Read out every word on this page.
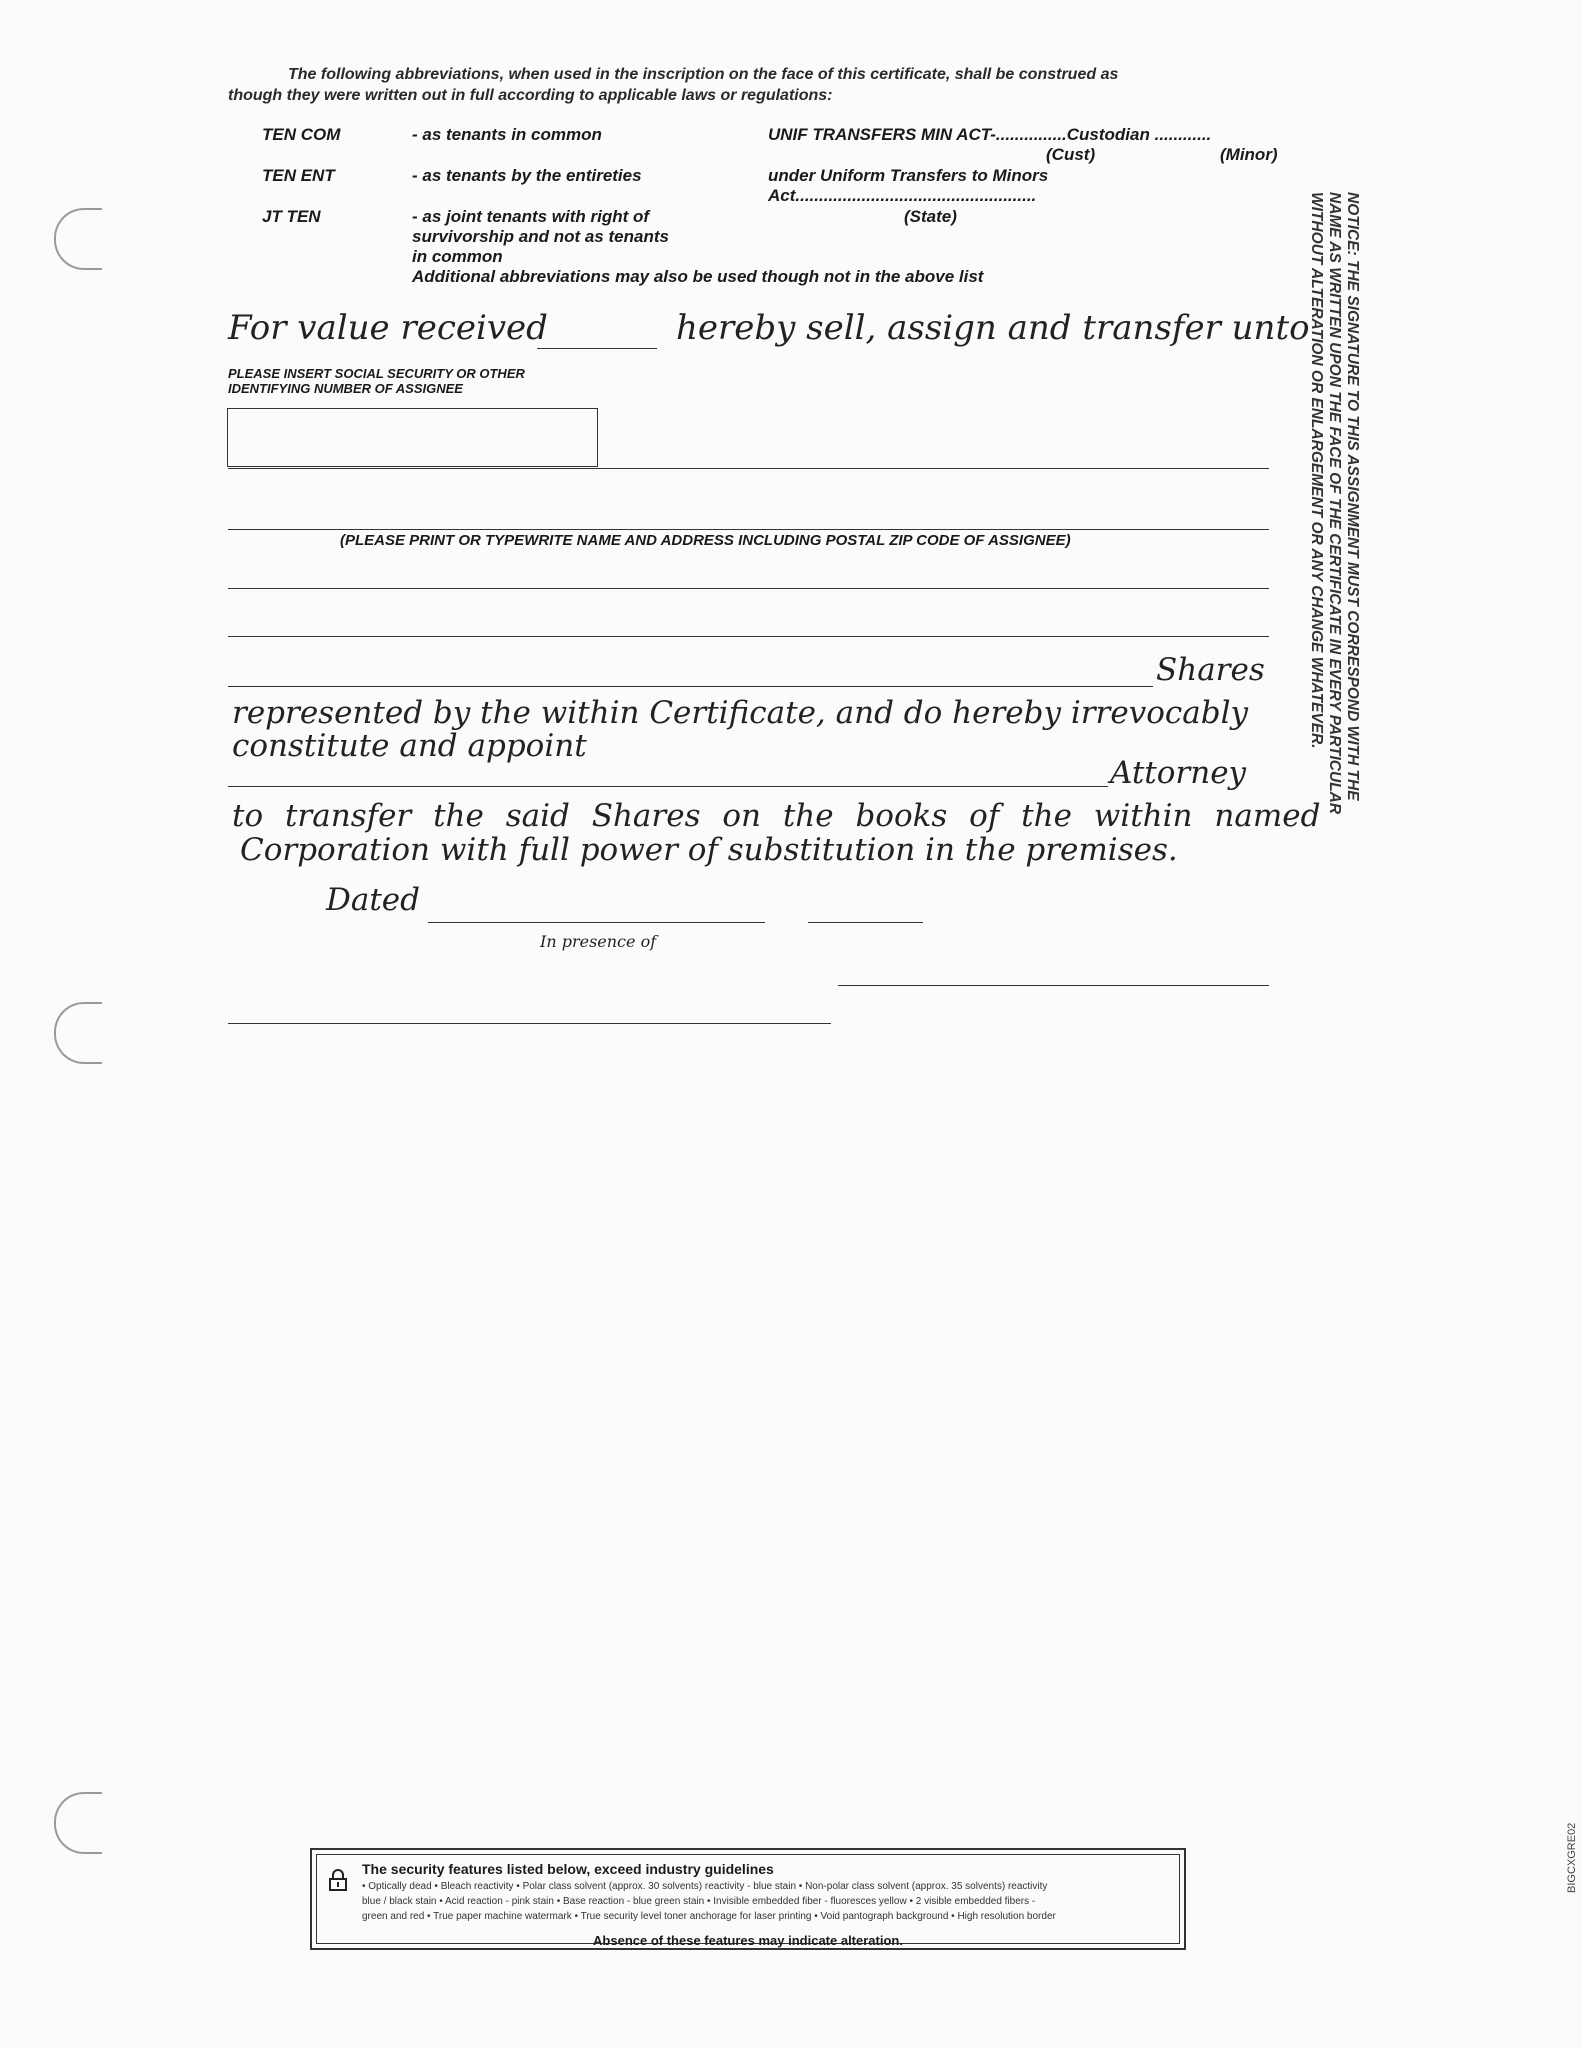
The following abbreviations, when used in the inscription on the face of this certificate, shall be construed as
though they were written out in full according to applicable laws or regulations:
TEN COM	- as tenants in common
TEN ENT	- as tenants by the entireties
JT TEN	- as joint tenants with right of
survivorship and not as tenants
in common
Additional abbreviations may also be used though not in the above list
UNIF TRANSFERS MIN ACT-...............Custodian ............
(Cust)	(Minor)
under Uniform Transfers to Minors
Act...................................................
(State)
For value received	hereby sell, assign and transfer unto
PLEASE INSERT SOCIAL SECURITY OR OTHER
IDENTIFYING NUMBER OF ASSIGNEE
(PLEASE PRINT OR TYPEWRITE NAME AND ADDRESS INCLUDING POSTAL ZIP CODE OF ASSIGNEE)
Shares
represented by the within Certificate, and do hereby irrevocably
constitute and appoint
Attorney
to transfer the said Shares on the books of the within named
Corporation with full power of substitution in the premises.
Dated
In presence of
NOTICE: THE SIGNATURE TO THIS ASSIGNMENT MUST CORRESPOND WITH THE
NAME AS WRITTEN UPON THE FACE OF THE CERTIFICATE IN EVERY PARTICULAR
WITHOUT ALTERATION OR ENLARGEMENT OR ANY CHANGE WHATEVER.
The security features listed below, exceed industry guidelines
• Optically dead • Bleach reactivity • Polar class solvent (approx. 30 solvents) reactivity - blue stain • Non-polar class solvent (approx. 35 solvents) reactivity
blue / black stain • Acid reaction - pink stain • Base reaction - blue green stain • Invisible embedded fiber - fluoresces yellow • 2 visible embedded fibers -
green and red • True paper machine watermark • True security level toner anchorage for laser printing • Void pantograph background • High resolution border
Absence of these features may indicate alteration.
BIGCXGRE02
